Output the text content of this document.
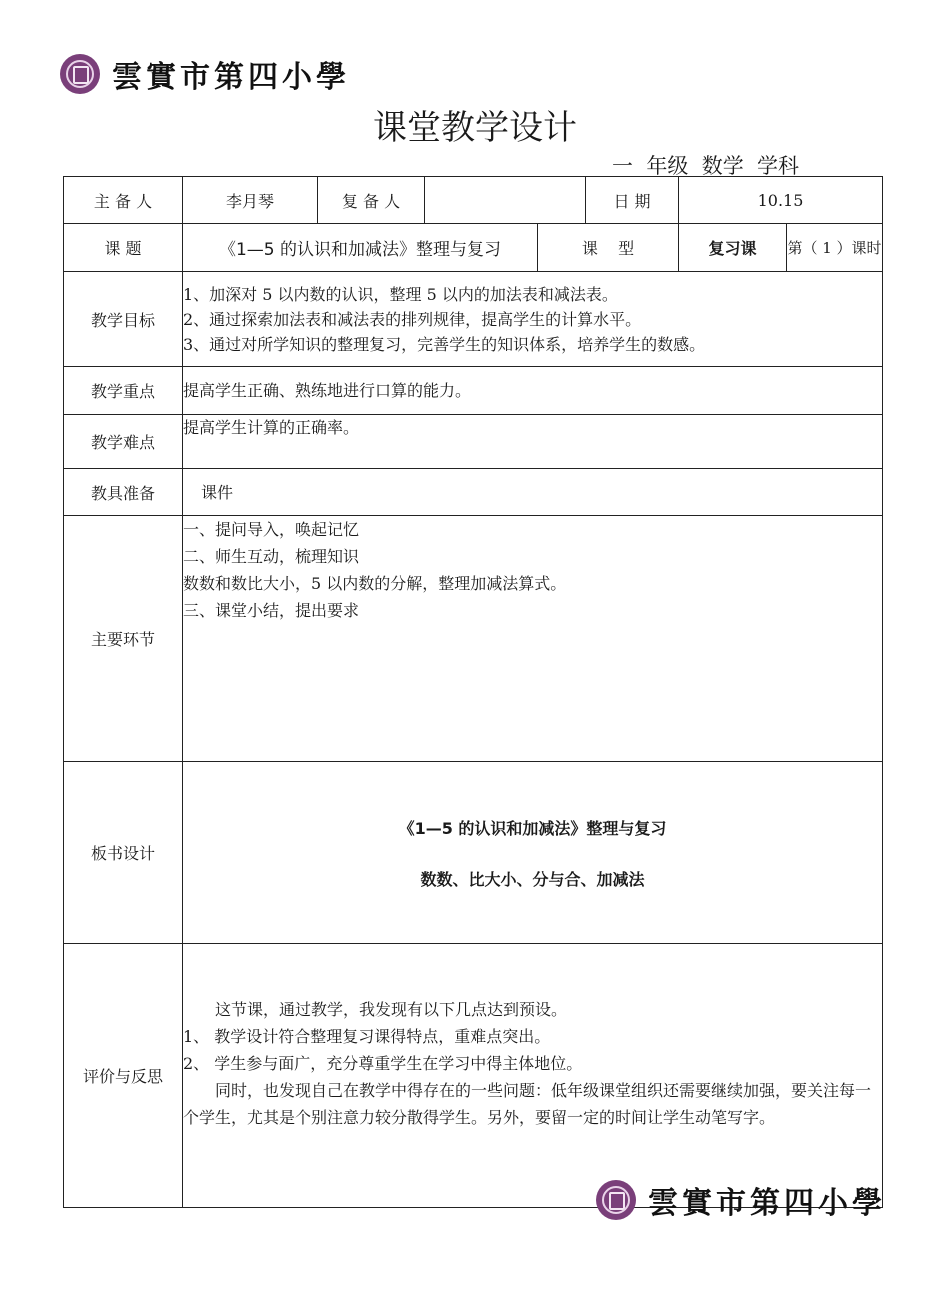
雲實市第四小學
课堂教学设计
一  年级  数学  学科
主 备 人	李月琴	复 备 人			日 期	10.15	
课 题	《1—5 的认识和加减法》整理与复习			课    型		复习课	第（ 1 ）课时
教学目标	1、加深对 5 以内数的认识，整理 5 以内的加法表和减法表。

2、通过探索加法表和减法表的排列规律，提高学生的计算水平。

3、通过对所学知识的整理复习，完善学生的知识体系，培养学生的数感。						

教学重点	提高学生正确、熟练地进行口算的能力。						
教学难点	提高学生计算的正确率。						
教具准备	课件						
主要环节	一、提问导入，唤起记忆

二、师生互动，梳理知识

数数和数比大小，5 以内数的分解，整理加减法算式。

三、课堂小结，提出要求						

板书设计	《1—5 的认识和加减法》整理与复习

数数、比大小、分与合、加减法						

评价与反思	这节课，通过教学，我发现有以下几点达到预设。

1、 教学设计符合整理复习课得特点，重难点突出。

2、 学生参与面广，充分尊重学生在学习中得主体地位。

同时，也发现自己在教学中得存在的一些问题：低年级课堂组织还需要继续加强，要关注每一个学生，尤其是个别注意力较分散得学生。另外，要留一定的时间让学生动笔写字。						

雲實市第四小學
